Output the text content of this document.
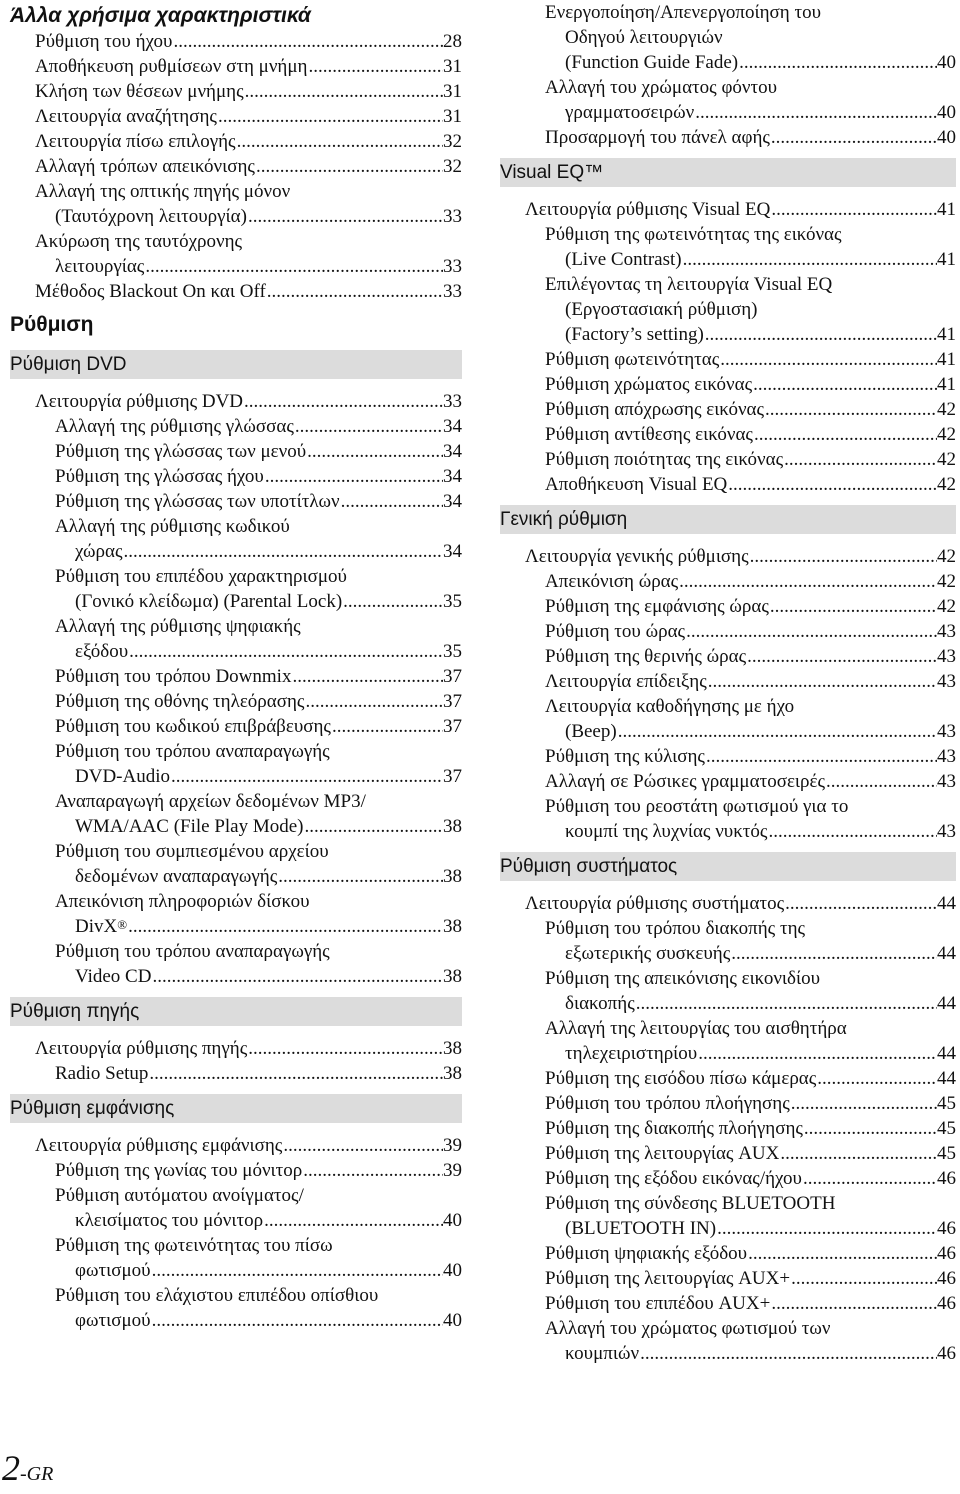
Άλλα χρήσιμα χαρακτηριστικά
Ρύθμιση του ήχου .....	28
Αποθήκευση ρυθμίσεων στη μνήμη .....	31
Κλήση των θέσεων μνήμης .....	31
Λειτουργία αναζήτησης .....	31
Λειτουργία πίσω επιλογής .....	32
Αλλαγή τρόπων απεικόνισης .....	32
Αλλαγή της οπτικής πηγής μόνον
(Ταυτόχρονη λειτουργία) .....	33
Ακύρωση της ταυτόχρονης
λειτουργίας .....	33
Μέθοδος Blackout On και Off .....	33
Ρύθμιση
Ρύθμιση DVD
Λειτουργία ρύθμισης DVD .....	33
Αλλαγή της ρύθμισης γλώσσας .....	34
Ρύθμιση της γλώσσας των μενού .....	34
Ρύθμιση της γλώσσας ήχου .....	34
Ρύθμιση της γλώσσας των υποτίτλων .....	34
Αλλαγή της ρύθμισης κωδικού
χώρας .....	34
Ρύθμιση του επιπέδου χαρακτηρισμού
(Γονικό κλείδωμα) (Parental Lock) .....	35
Αλλαγή της ρύθμισης ψηφιακής
εξόδου .....	35
Ρύθμιση του τρόπου Downmix .....	37
Ρύθμιση της οθόνης τηλεόρασης .....	37
Ρύθμιση του κωδικού επιβράβευσης .....	37
Ρύθμιση του τρόπου αναπαραγωγής
DVD-Audio .....	37
Αναπαραγωγή αρχείων δεδομένων MP3/
WMA/AAC (File Play Mode) .....	38
Ρύθμιση του συμπιεσμένου αρχείου
δεδομένων αναπαραγωγής .....	38
Απεικόνιση πληροφοριών δίσκου
DivX® .....	38
Ρύθμιση του τρόπου αναπαραγωγής
Video CD .....	38
Ρύθμιση πηγής
Λειτουργία ρύθμισης πηγής .....	38
Radio Setup .....	38
Ρύθμιση εμφάνισης
Λειτουργία ρύθμισης εμφάνισης .....	39
Ρύθμιση της γωνίας του μόνιτορ .....	39
Ρύθμιση αυτόματου ανοίγματος/
κλεισίματος του μόνιτορ .....	40
Ρύθμιση της φωτεινότητας του πίσω
φωτισμού .....	40
Ρύθμιση του ελάχιστου επιπέδου οπίσθιου
φωτισμού .....	40
Ενεργοποίηση/Απενεργοποίηση του
Οδηγού λειτουργιών
(Function Guide Fade) .....	40
Αλλαγή του χρώματος φόντου
γραμματοσειρών .....	40
Προσαρμογή του πάνελ αφής .....	40
Visual EQ™
Λειτουργία ρύθμισης Visual EQ .....	41
Ρύθμιση της φωτεινότητας της εικόνας
(Live Contrast) .....	41
Επιλέγοντας τη λειτουργία Visual EQ
(Εργοστασιακή ρύθμιση)
(Factory’s setting) .....	41
Ρύθμιση φωτεινότητας .....	41
Ρύθμιση χρώματος εικόνας .....	41
Ρύθμιση απόχρωσης εικόνας .....	42
Ρύθμιση αντίθεσης εικόνας .....	42
Ρύθμιση ποιότητας της εικόνας .....	42
Αποθήκευση Visual EQ .....	42
Γενική ρύθμιση
Λειτουργία γενικής ρύθμισης .....	42
Απεικόνιση ώρας .....	42
Ρύθμιση της εμφάνισης ώρας .....	42
Ρύθμιση του ώρας .....	43
Ρύθμιση της θερινής ώρας .....	43
Λειτουργία επίδειξης .....	43
Λειτουργία καθοδήγησης με ήχο
(Beep) .....	43
Ρύθμιση της κύλισης .....	43
Αλλαγή σε Ρώσικες γραμματοσειρές .....	43
Ρύθμιση του ρεοστάτη φωτισμού για το
κουμπί της λυχνίας νυκτός .....	43
Ρύθμιση συστήματος
Λειτουργία ρύθμισης συστήματος .....	44
Ρύθμιση του τρόπου διακοπής της
εξωτερικής συσκευής .....	44
Ρύθμιση της απεικόνισης εικονιδίου
διακοπής .....	44
Αλλαγή της λειτουργίας του αισθητήρα
τηλεχειριστηρίου .....	44
Ρύθμιση της εισόδου πίσω κάμερας .....	44
Ρύθμιση του τρόπου πλοήγησης .....	45
Ρύθμιση της διακοπής πλοήγησης .....	45
Ρύθμιση της λειτουργίας AUX .....	45
Ρύθμιση της εξόδου εικόνας/ήχου .....	46
Ρύθμιση της σύνδεσης BLUETOOTH
(BLUETOOTH IN) .....	46
Ρύθμιση ψηφιακής εξόδου .....	46
Ρύθμιση της λειτουργίας AUX+ .....	46
Ρύθμιση του επιπέδου AUX+ .....	46
Αλλαγή του χρώματος φωτισμού των
κουμπιών .....	46
2-GR
